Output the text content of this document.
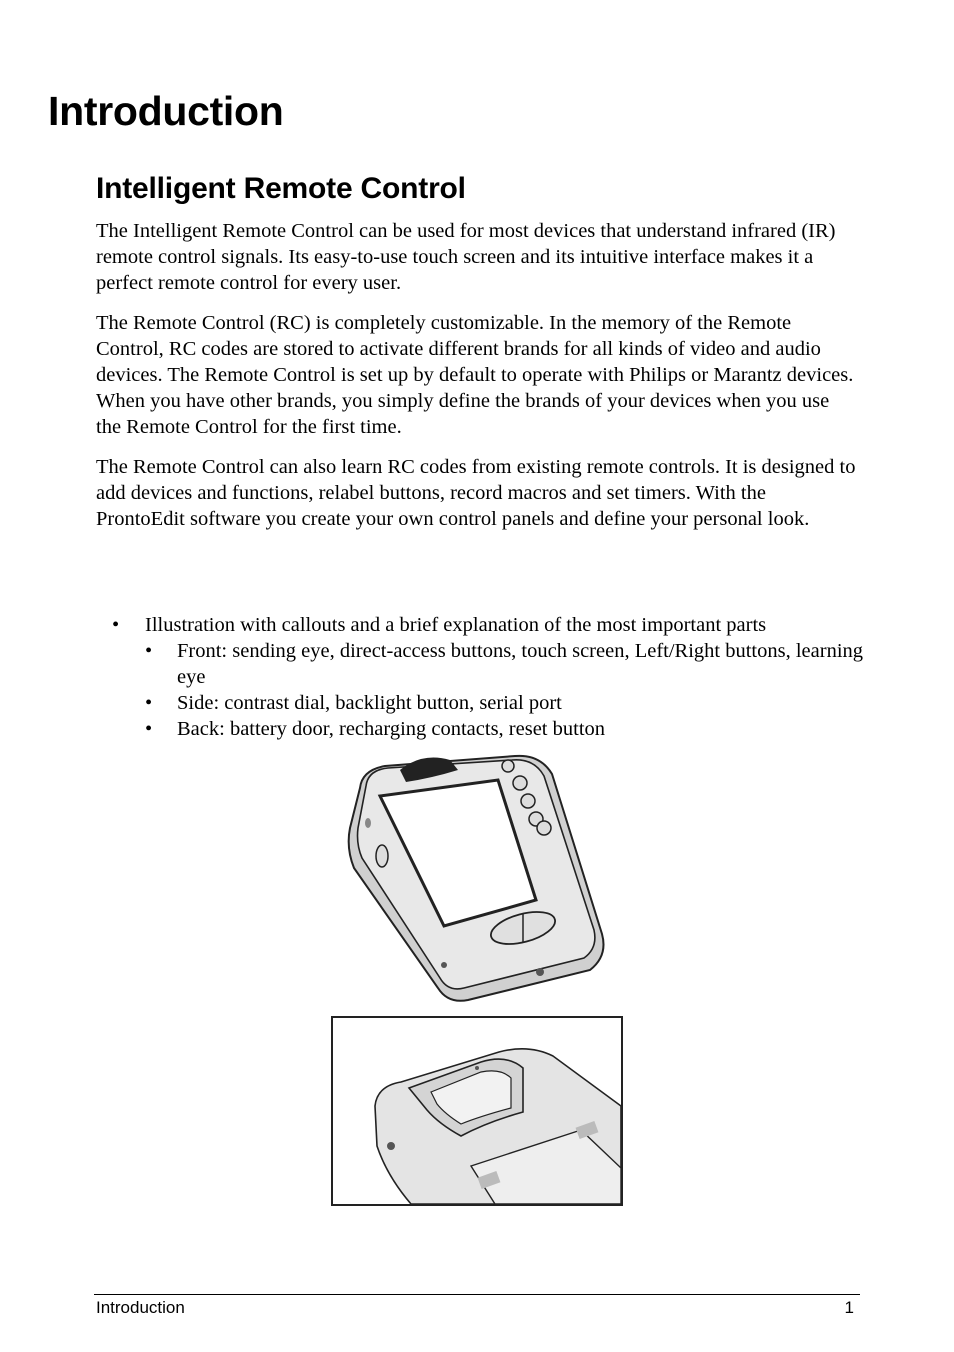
Introduction
Intelligent Remote Control

The Intelligent Remote Control can be used for most devices that understand infrared (IR) remote control signals. Its easy-to-use touch screen and its intuitive interface makes it a perfect remote control for every user.

The Remote Control (RC) is completely customizable. In the memory of the Remote Control, RC codes are stored to activate different brands for all kinds of video and audio devices. The Remote Control is set up by default to operate with Philips or Marantz devices. When you have other brands, you simply define the brands of your devices when you use the Remote Control for the first time.

The Remote Control can also learn RC codes from existing remote controls. It is designed to add devices and functions, relabel buttons, record macros and set timers. With the ProntoEdit software you create your own control panels and define your personal look.

• Illustration with callouts and a brief explanation of the most important parts
• Front: sending eye, direct-access buttons, touch screen, Left/Right buttons, learning eye
• Side: contrast dial, backlight button, serial port
• Back: battery door, recharging contacts, reset button
Introduction	1
